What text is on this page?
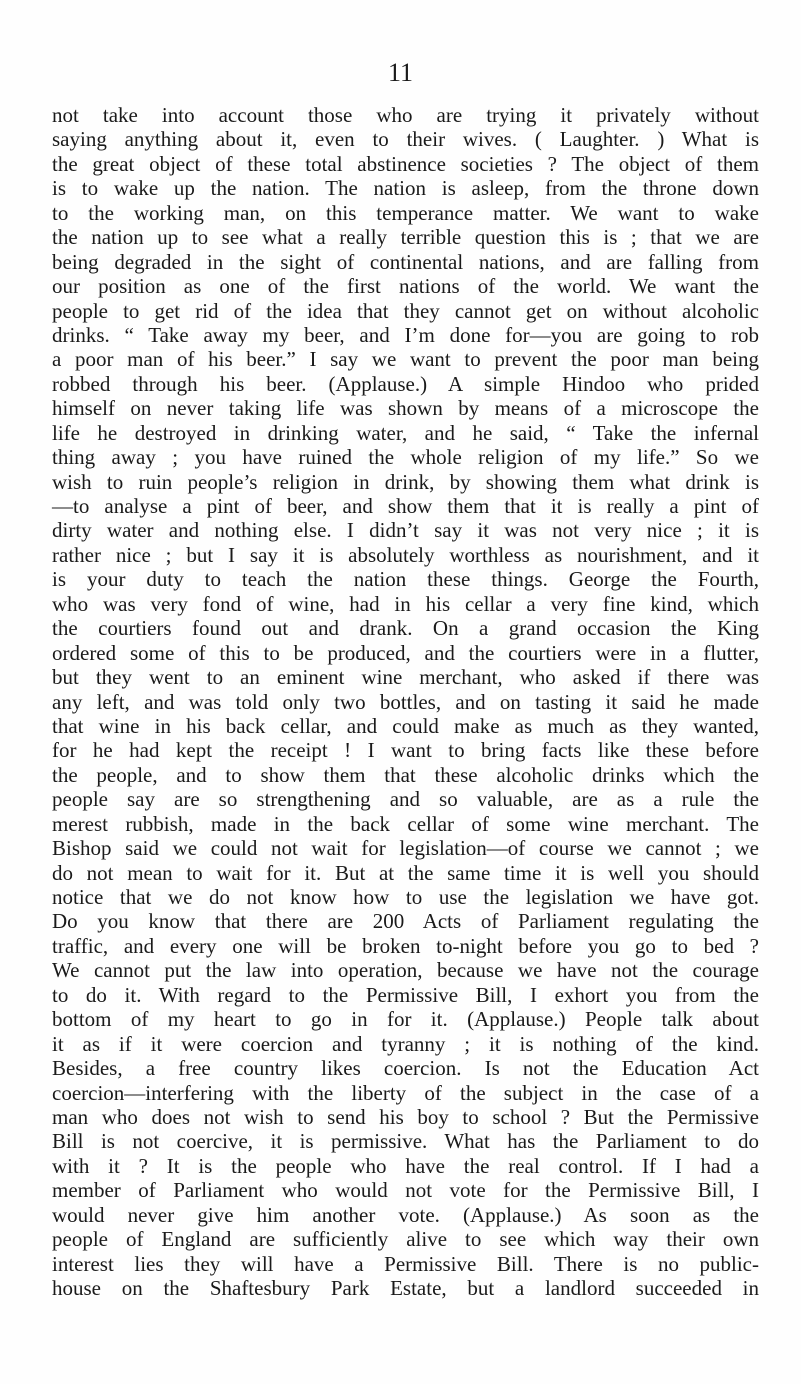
11
not take into account those who are trying it privately without
saying anything about it, even to their wives. ( Laughter. ) What is
the great object of these total abstinence societies ? The object of them
is to wake up the nation. The nation is asleep, from the throne down
to the working man, on this temperance matter. We want to wake
the nation up to see what a really terrible question this is ; that we are
being degraded in the sight of continental nations, and are falling from
our position as one of the first nations of the world. We want the
people to get rid of the idea that they cannot get on without alcoholic
drinks. “ Take away my beer, and I’m done for—you are going to rob
a poor man of his beer.” I say we want to prevent the poor man being
robbed through his beer. (Applause.) A simple Hindoo who prided
himself on never taking life was shown by means of a microscope the
life he destroyed in drinking water, and he said, “ Take the infernal
thing away ; you have ruined the whole religion of my life.” So we
wish to ruin people’s religion in drink, by showing them what drink is
—to analyse a pint of beer, and show them that it is really a pint of
dirty water and nothing else. I didn’t say it was not very nice ; it is
rather nice ; but I say it is absolutely worthless as nourishment, and it
is your duty to teach the nation these things. George the Fourth,
who was very fond of wine, had in his cellar a very fine kind, which
the courtiers found out and drank. On a grand occasion the King
ordered some of this to be produced, and the courtiers were in a flutter,
but they went to an eminent wine merchant, who asked if there was
any left, and was told only two bottles, and on tasting it said he made
that wine in his back cellar, and could make as much as they wanted,
for he had kept the receipt ! I want to bring facts like these before
the people, and to show them that these alcoholic drinks which the
people say are so strengthening and so valuable, are as a rule the
merest rubbish, made in the back cellar of some wine merchant. The
Bishop said we could not wait for legislation—of course we cannot ; we
do not mean to wait for it. But at the same time it is well you should
notice that we do not know how to use the legislation we have got.
Do you know that there are 200 Acts of Parliament regulating the
traffic, and every one will be broken to-night before you go to bed ?
We cannot put the law into operation, because we have not the courage
to do it. With regard to the Permissive Bill, I exhort you from the
bottom of my heart to go in for it. (Applause.) People talk about
it as if it were coercion and tyranny ; it is nothing of the kind.
Besides, a free country likes coercion. Is not the Education Act
coercion—interfering with the liberty of the subject in the case of a
man who does not wish to send his boy to school ? But the Permissive
Bill is not coercive, it is permissive. What has the Parliament to do
with it ? It is the people who have the real control. If I had a
member of Parliament who would not vote for the Permissive Bill, I
would never give him another vote. (Applause.) As soon as the
people of England are sufficiently alive to see which way their own
interest lies they will have a Permissive Bill. There is no public-
house on the Shaftesbury Park Estate, but a landlord succeeded in
